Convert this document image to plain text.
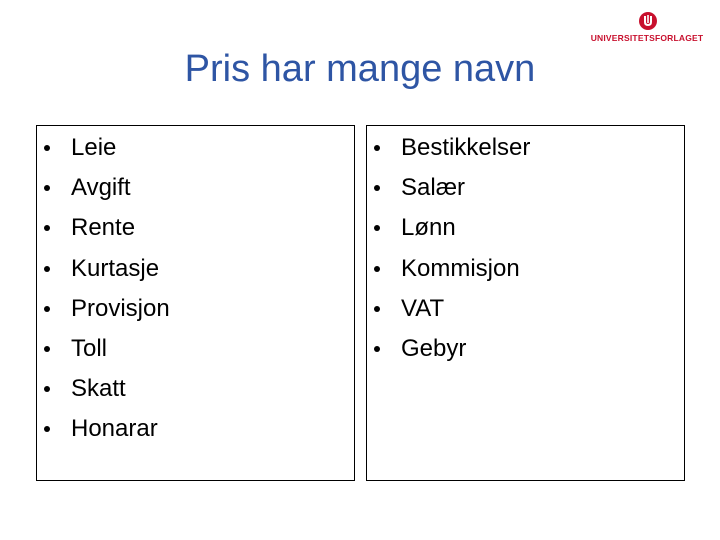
UNIVERSITETSFORLAGET
Pris har mange navn
Leie
Avgift
Rente
Kurtasje
Provisjon
Toll
Skatt
Honarar
Bestikkelser
Salær
Lønn
Kommisjon
VAT
Gebyr
